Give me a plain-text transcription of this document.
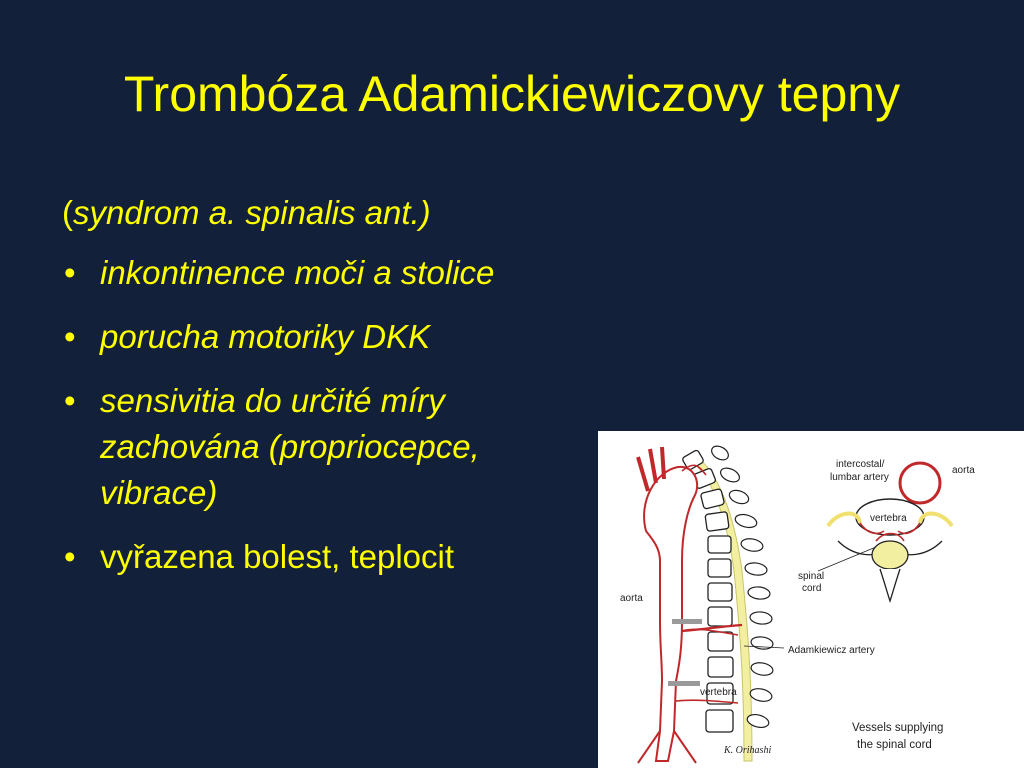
Trombóza Adamickiewiczovy tepny

(syndrom a. spinalis ant.)

• inkontinence moči a stolice
• porucha motoriky DKK
• sensivitia do určité míry zachována (propriocepce, vibrace)
• vyřazena bolest, teplocit
intercostal/
lumbar artery
aorta
vertebra
spinal
cord
aorta
Adamkiewicz artery
vertebra
Vessels supplying
the spinal cord
K. Orihashi
